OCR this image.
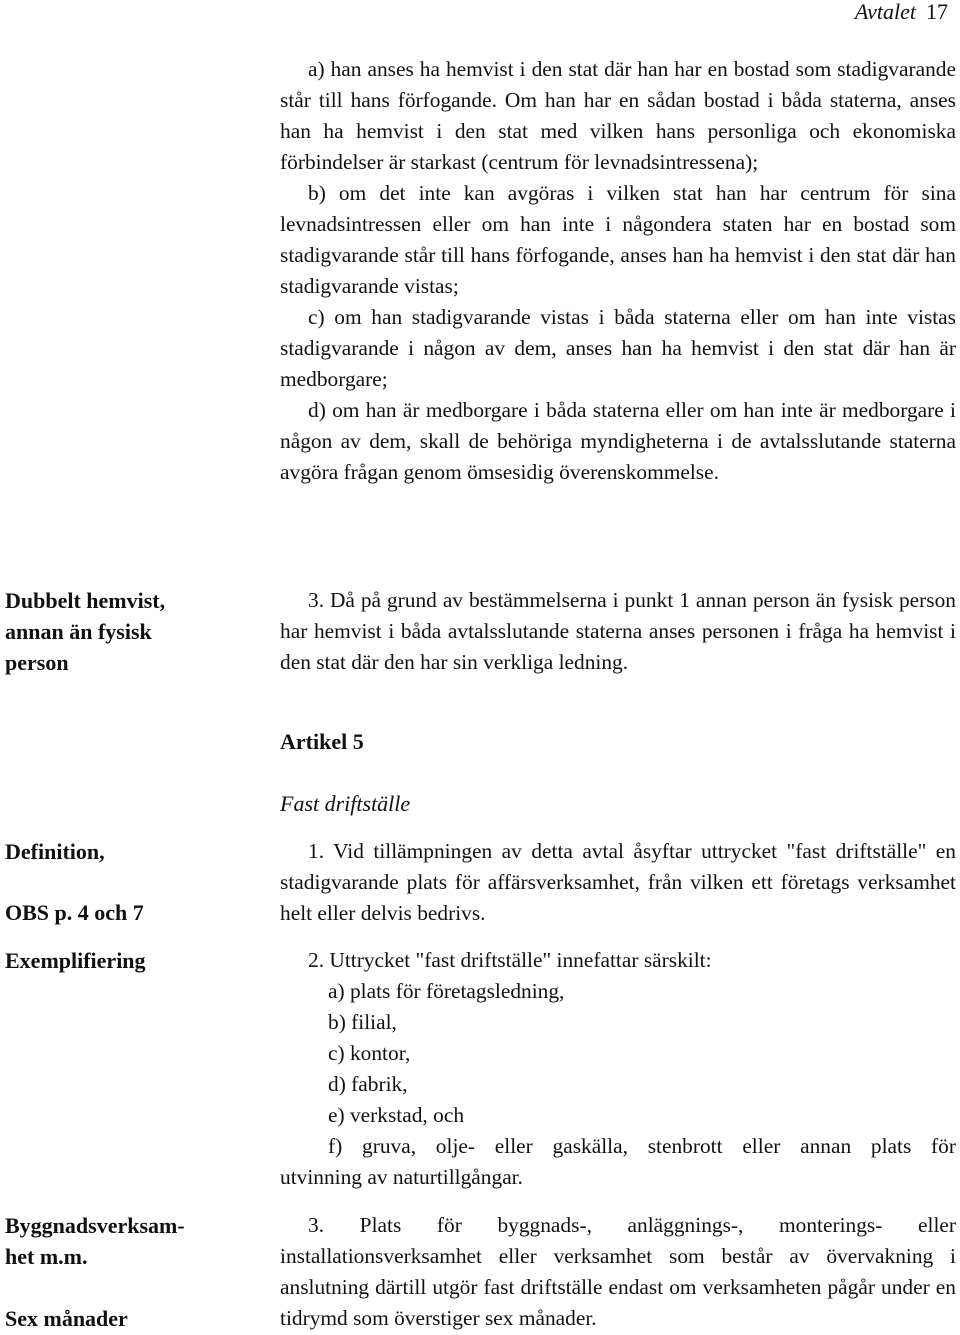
Avtalet 17

a) han anses ha hemvist i den stat där han har en bostad som stadigvarande står till hans förfogande. Om han har en sådan bostad i båda staterna, anses han ha hemvist i den stat med vilken hans personliga och ekonomiska förbindelser är starkast (centrum för levnadsintressena);

b) om det inte kan avgöras i vilken stat han har centrum för sina levnadsintressen eller om han inte i någondera staten har en bostad som stadigvarande står till hans förfogande, anses han ha hemvist i den stat där han stadigvarande vistas;

c) om han stadigvarande vistas i båda staterna eller om han inte vistas stadigvarande i någon av dem, anses han ha hemvist i den stat där han är medborgare;

d) om han är medborgare i båda staterna eller om han inte är medborgare i någon av dem, skall de behöriga myndigheterna i de avtalsslutande staterna avgöra frågan genom ömsesidig överenskommelse.

Dubbelt hemvist,
annan än fysisk
person

3. Då på grund av bestämmelserna i punkt 1 annan person än fysisk person har hemvist i båda avtalsslutande staterna anses personen i fråga ha hemvist i den stat där den har sin verkliga ledning.

Artikel 5
Fast driftställe
Definition,
OBS p. 4 och 7
Exemplifiering
Byggnadsverksam-
het m.m.
Sex månader

1. Vid tillämpningen av detta avtal åsyftar uttrycket "fast driftställe" en stadigvarande plats för affärsverksamhet, från vilken ett företags verksamhet helt eller delvis bedrivs.

2. Uttrycket "fast driftställe" innefattar särskilt:

a) plats för företagsledning,

b) filial,

c) kontor,

d) fabrik,

e) verkstad, och

f) gruva, olje- eller gaskälla, stenbrott eller annan plats för

utvinning av naturtillgångar.

3. Plats för byggnads-, anläggnings-, monterings- eller installationsverksamhet eller verksamhet som består av övervakning i anslutning därtill utgör fast driftställe endast om verksamheten pågår under en tidrymd som överstiger sex månader.
